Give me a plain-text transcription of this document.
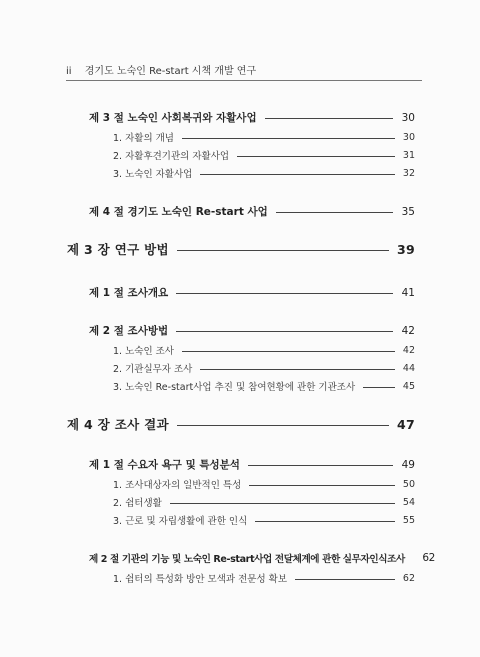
ii 경기도 노숙인 Re-start 시책 개발 연구
제 3 절 노숙인 사회복귀와 자활사업	30
1. 자활의 개념	30
2. 자활후견기관의 자활사업	31
3. 노숙인 자활사업	32
제 4 절 경기도 노숙인 Re-start 사업	35
제 3 장 연구 방법	39
제 1 절 조사개요	41
제 2 절 조사방법	42
1. 노숙인 조사	42
2. 기관실무자 조사	44
3. 노숙인 Re-start사업 추진 및 참여현황에 관한 기관조사	45
제 4 장 조사 결과	47
제 1 절 수요자 욕구 및 특성분석	49
1. 조사대상자의 일반적인 특성	50
2. 쉼터생활	54
3. 근로 및 자립생활에 관한 인식	55
제 2 절 기관의 기능 및 노숙인 Re-start사업 전달체계에 관한 실무자인식조사 62
1. 쉼터의 특성화 방안 모색과 전문성 확보	62
